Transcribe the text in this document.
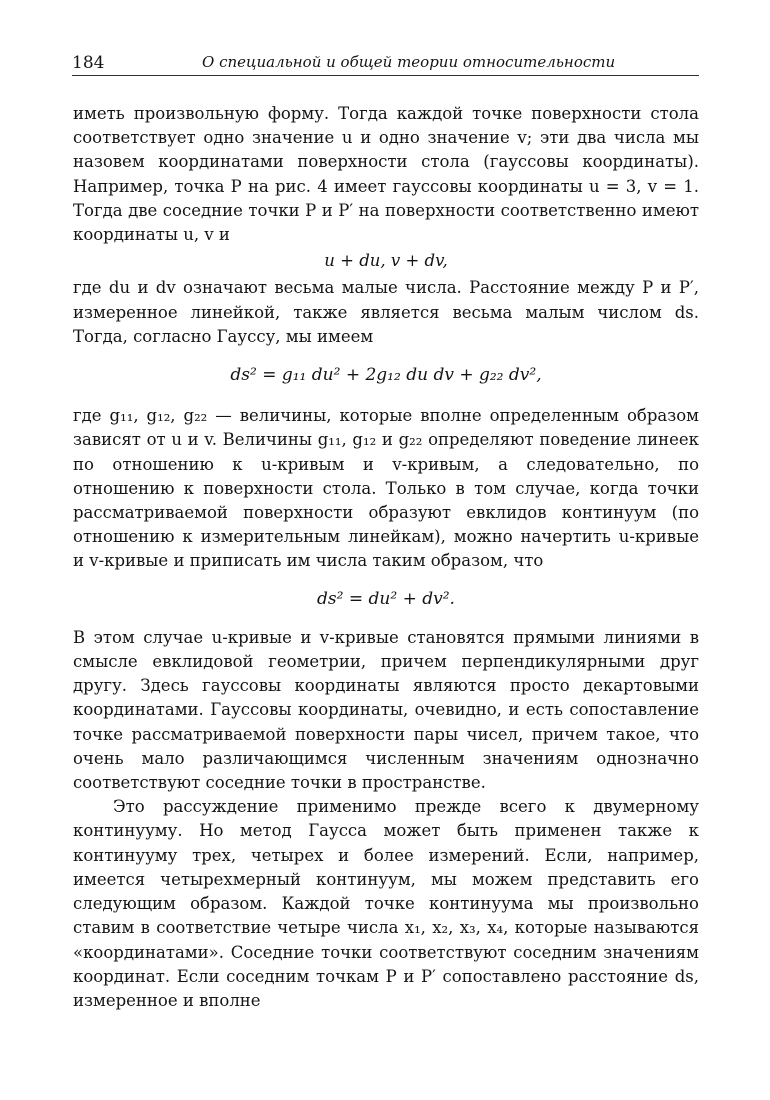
184	О специальной и общей теории относительности

иметь произвольную форму. Тогда каждой точке поверхности стола соответствует одно значение u и одно значение v; эти два числа мы назовем координатами поверхности стола (гауссовы координаты). Например, точка P на рис. 4 имеет гауссовы координаты u = 3, v = 1. Тогда две соседние точки P и P′ на поверхности соответственно имеют координаты u, v и

u + du, v + dv,

где du и dv означают весьма малые числа. Расстояние между P и P′, измеренное линейкой, также является весьма малым числом ds. Тогда, согласно Гауссу, мы имеем

ds² = g₁₁ du² + 2g₁₂ du dv + g₂₂ dv²,

где g₁₁, g₁₂, g₂₂ — величины, которые вполне определенным образом зависят от u и v. Величины g₁₁, g₁₂ и g₂₂ определяют поведение линеек по отношению к u-кривым и v-кривым, а следовательно, по отношению к поверхности стола. Только в том случае, когда точки рассматриваемой поверхности образуют евклидов континуум (по отношению к измерительным линейкам), можно начертить u-кривые и v-кривые и приписать им числа таким образом, что

ds² = du² + dv².

В этом случае u-кривые и v-кривые становятся прямыми линиями в смысле евклидовой геометрии, причем перпендикулярными друг другу. Здесь гауссовы координаты являются просто декартовыми координатами. Гауссовы координаты, очевидно, и есть сопоставление точке рассматриваемой поверхности пары чисел, причем такое, что очень мало различающимся численным значениям однозначно соответствуют соседние точки в пространстве.

Это рассуждение применимо прежде всего к двумерному континууму. Но метод Гаусса может быть применен также к континууму трех, четырех и более измерений. Если, например, имеется четырехмерный континуум, мы можем представить его следующим образом. Каждой точке континуума мы произвольно ставим в соответствие четыре числа x₁, x₂, x₃, x₄, которые называются «координатами». Соседние точки соответствуют соседним значениям координат. Если соседним точкам P и P′ сопоставлено расстояние ds, измеренное и вполне
